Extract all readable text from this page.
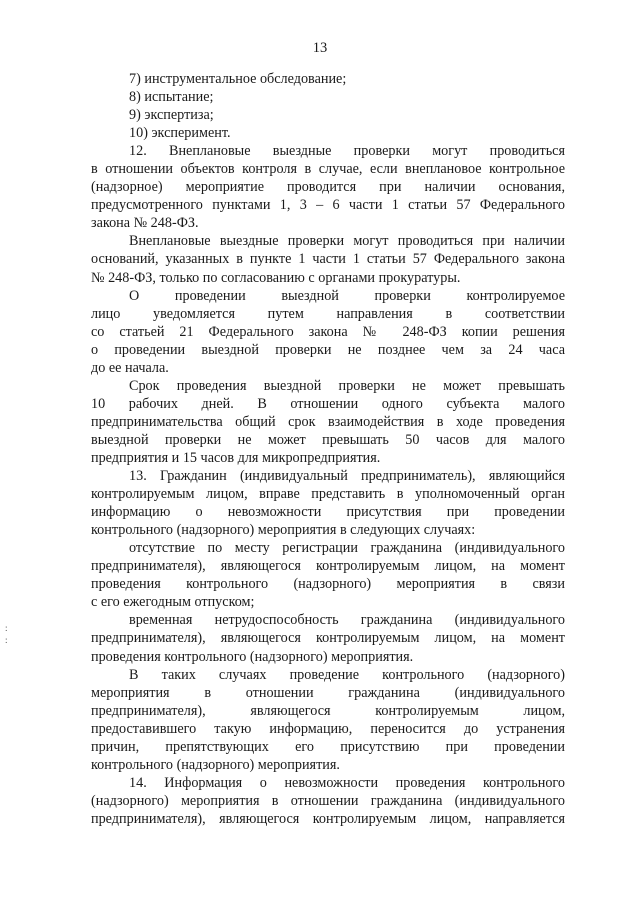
13
7) инструментальное обследование;
8) испытание;
9) экспертиза;
10) эксперимент.
12. Внеплановые выездные проверки могут проводиться
в отношении объектов контроля в случае, если внеплановое контрольное
(надзорное) мероприятие проводится при наличии основания,
предусмотренного пунктами 1, 3 – 6 части 1 статьи 57 Федерального
закона № 248-ФЗ.
Внеплановые выездные проверки могут проводиться при наличии
оснований, указанных в пункте 1 части 1 статьи 57 Федерального закона
№ 248-ФЗ, только по согласованию с органами прокуратуры.
О проведении выездной проверки контролируемое
лицо уведомляется путем направления в соответствии
со статьей 21 Федерального закона № 248-ФЗ копии решения
о проведении выездной проверки не позднее чем за 24 часа
до ее начала.
Срок проведения выездной проверки не может превышать
10 рабочих дней. В отношении одного субъекта малого
предпринимательства общий срок взаимодействия в ходе проведения
выездной проверки не может превышать 50 часов для малого
предприятия и 15 часов для микропредприятия.
13. Гражданин (индивидуальный предприниматель), являющийся
контролируемым лицом, вправе представить в уполномоченный орган
информацию о невозможности присутствия при проведении
контрольного (надзорного) мероприятия в следующих случаях:
отсутствие по месту регистрации гражданина (индивидуального
предпринимателя), являющегося контролируемым лицом, на момент
проведения контрольного (надзорного) мероприятия в связи
с его ежегодным отпуском;
временная нетрудоспособность гражданина (индивидуального
предпринимателя), являющегося контролируемым лицом, на момент
проведения контрольного (надзорного) мероприятия.
В таких случаях проведение контрольного (надзорного)
мероприятия в отношении гражданина (индивидуального
предпринимателя), являющегося контролируемым лицом,
предоставившего такую информацию, переносится до устранения
причин, препятствующих его присутствию при проведении
контрольного (надзорного) мероприятия.
14. Информация о невозможности проведения контрольного
(надзорного) мероприятия в отношении гражданина (индивидуального
предпринимателя), являющегося контролируемым лицом, направляется
:
:
